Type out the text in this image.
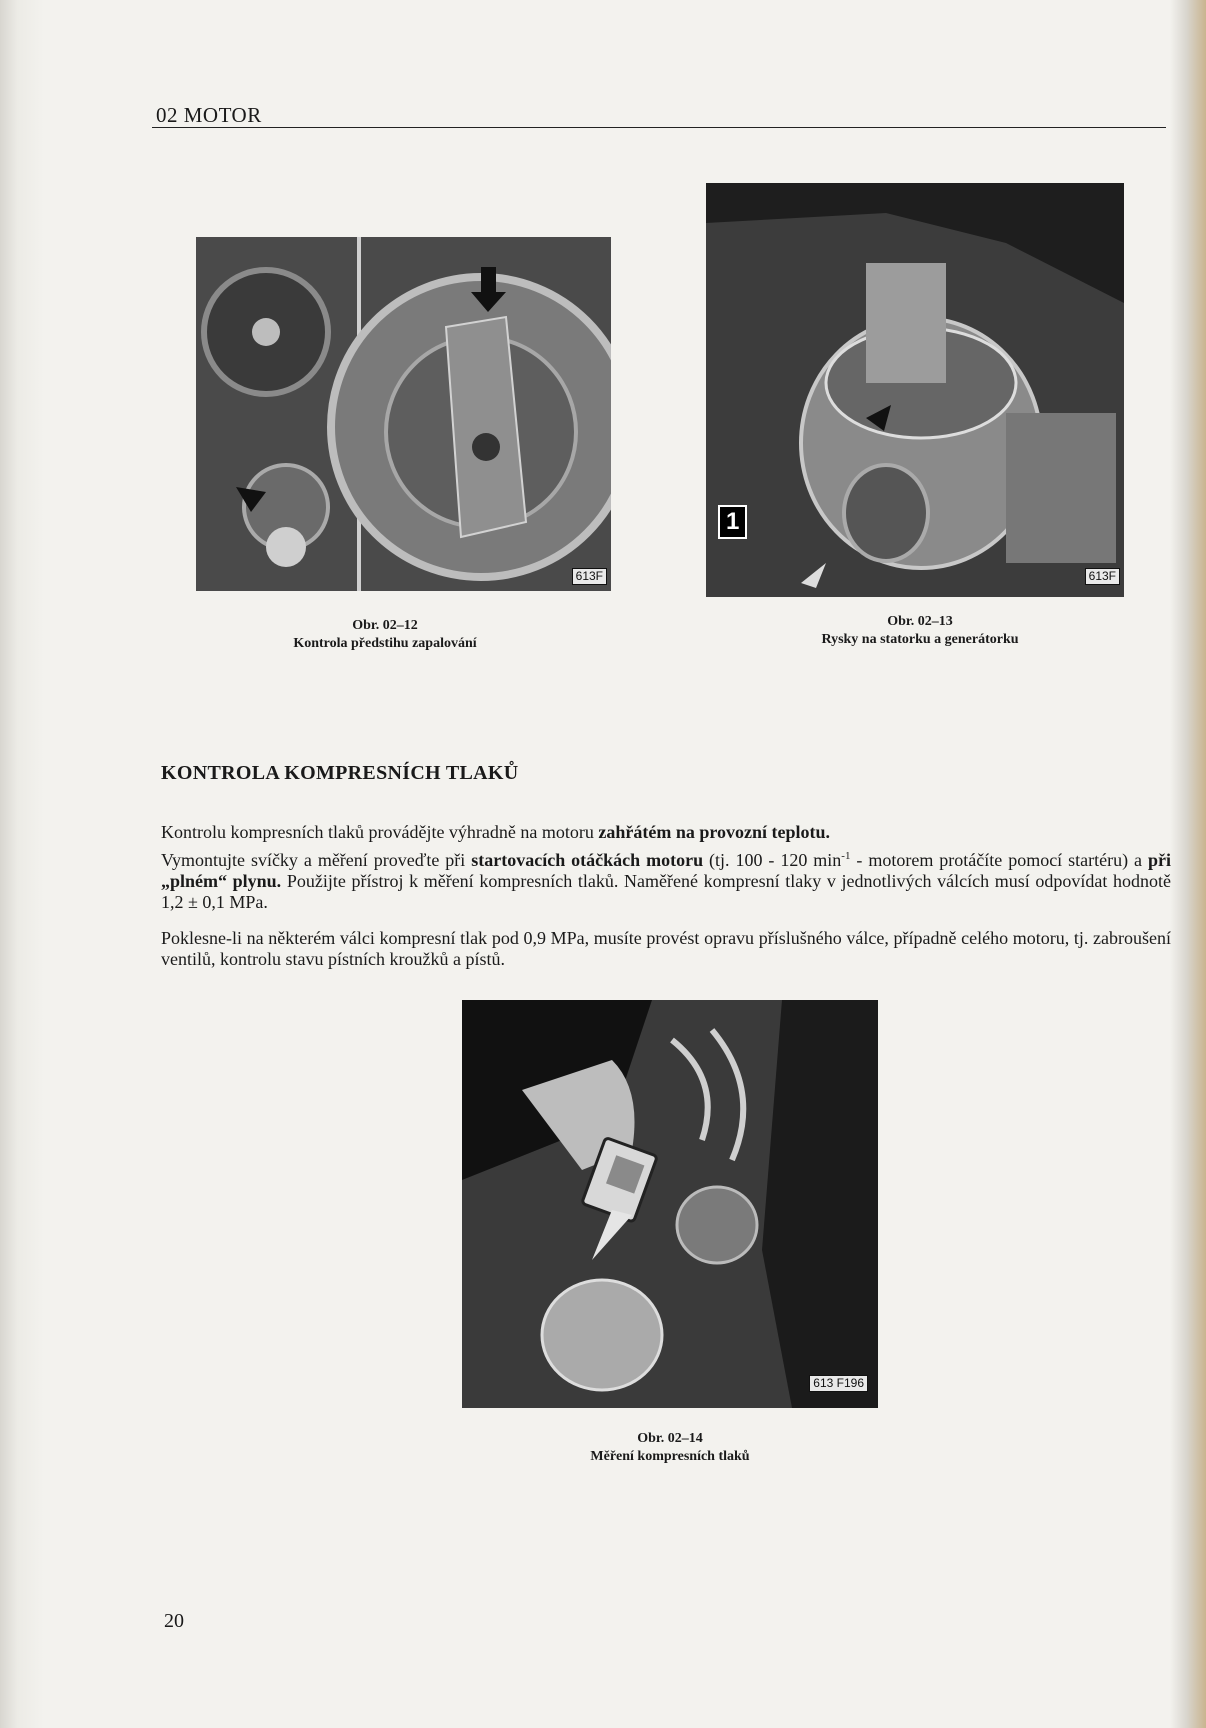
02 MOTOR
613F
Obr. 02–12
Kontrola předstihu zapalování
1
613F
Obr. 02–13
Rysky na statorku a generátorku
KONTROLA KOMPRESNÍCH TLAKŮ
Kontrolu kompresních tlaků provádějte výhradně na motoru zahřátém na provozní teplotu.
Vymontujte svíčky a měření proveďte při startovacích otáčkách motoru (tj. 100 - 120 $\min^{-1}$ - motorem protáčíte pomocí startéru) a při „plném“ plynu. Použijte přístroj k měření kompresních tlaků. Naměřené kompresní tlaky v jednotlivých válcích musí odpovídat hodnotě 1,2 ± 0,1 MPa.
Poklesne-li na některém válci kompresní tlak pod 0,9 MPa, musíte provést opravu příslušného válce, případně celého motoru, tj. zabroušení ventilů, kontrolu stavu pístních kroužků a pístů.
613 F196
Obr. 02–14
Měření kompresních tlaků
20
